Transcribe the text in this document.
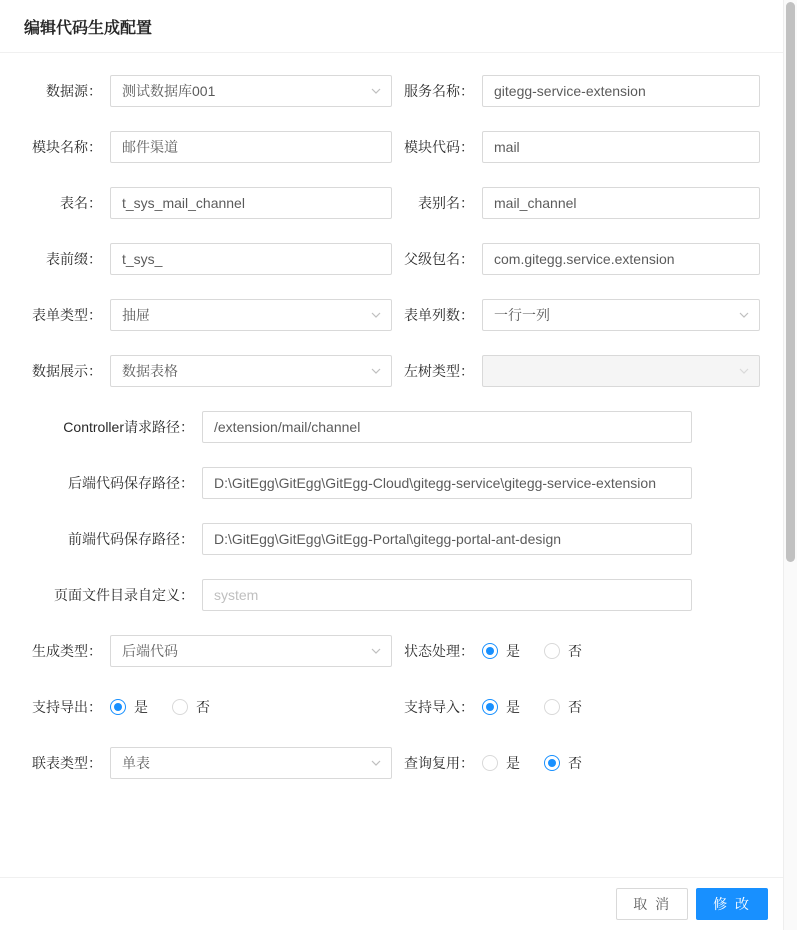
编辑代码生成配置
数据源：	测试数据库001	服务名称：	gitegg-service-extension
模块名称：	邮件渠道	模块代码：	mail
表名：	t_sys_mail_channel	表别名：	mail_channel
表前缀：	t_sys_	父级包名：	com.gitegg.service.extension
表单类型：	抽屉	表单列数：	一行一列
数据展示：	数据表格	左树类型：
Controller请求路径：	/extension/mail/channel
后端代码保存路径：	D:\GitEgg\GitEgg\GitEgg-Cloud\gitegg-service\gitegg-service-extension
前端代码保存路径：	D:\GitEgg\GitEgg\GitEgg-Portal\gitegg-portal-ant-design
页面文件目录自定义：	system
生成类型：	后端代码	状态处理：	是	否
支持导出：	是	否	支持导入：	是	否
联表类型：	单表	查询复用：	是	否
取 消	修 改
